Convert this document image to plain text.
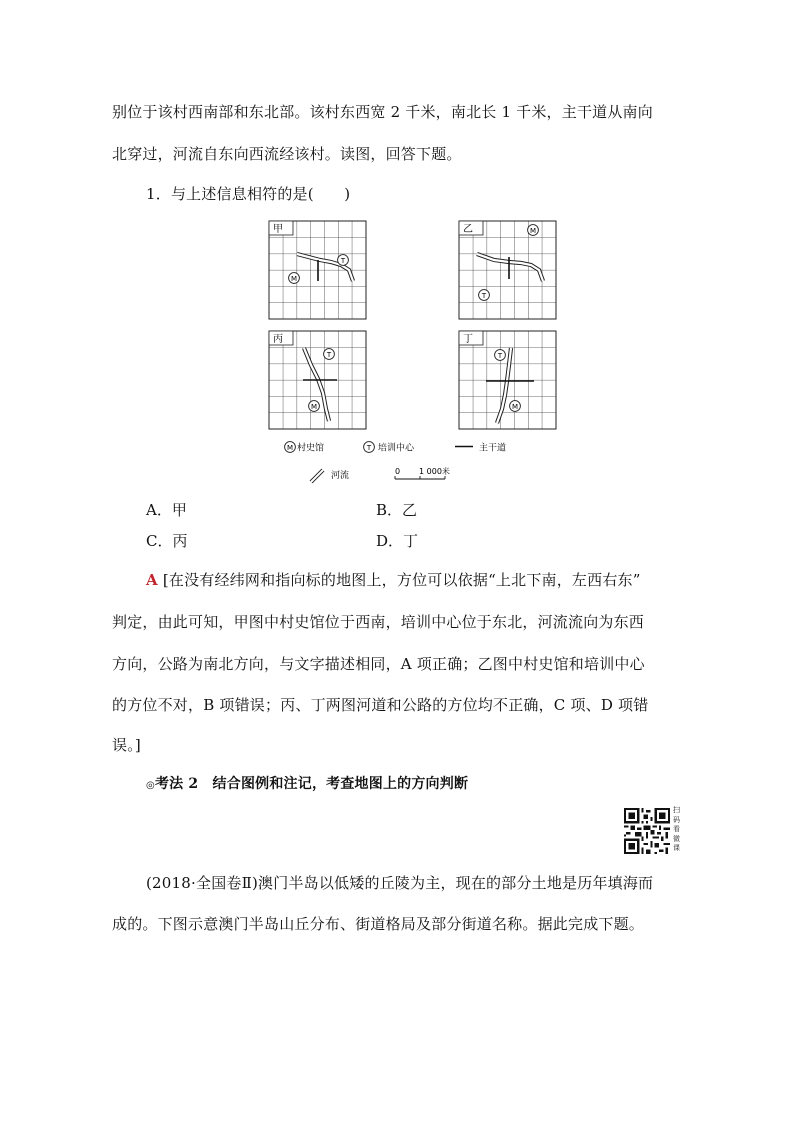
别位于该村西南部和东北部。该村东西宽 2 千米，南北长 1 千米，主干道从南向
北穿过，河流自东向西流经该村。读图，回答下题。
1．与上述信息相符的是(　　)
甲
M
T
乙	M
T
丙
T
M
丁
T
M
M 村史馆	T 培训中心	主干道
河流	0 1 000米
A．甲	B．乙
C．丙	D．丁
A [在没有经纬网和指向标的地图上，方位可以依据“上北下南，左西右东”
判定，由此可知，甲图中村史馆位于西南，培训中心位于东北，河流流向为东西
方向，公路为南北方向，与文字描述相同，A 项正确；乙图中村史馆和培训中心
的方位不对，B 项错误；丙、丁两图河道和公路的方位均不正确，C 项、D 项错
误。]
◎考法 2　结合图例和注记，考查地图上的方向判断
扫
码
看
微
课
(2018·全国卷Ⅱ)澳门半岛以低矮的丘陵为主，现在的部分土地是历年填海而
成的。下图示意澳门半岛山丘分布、街道格局及部分街道名称。据此完成下题。
